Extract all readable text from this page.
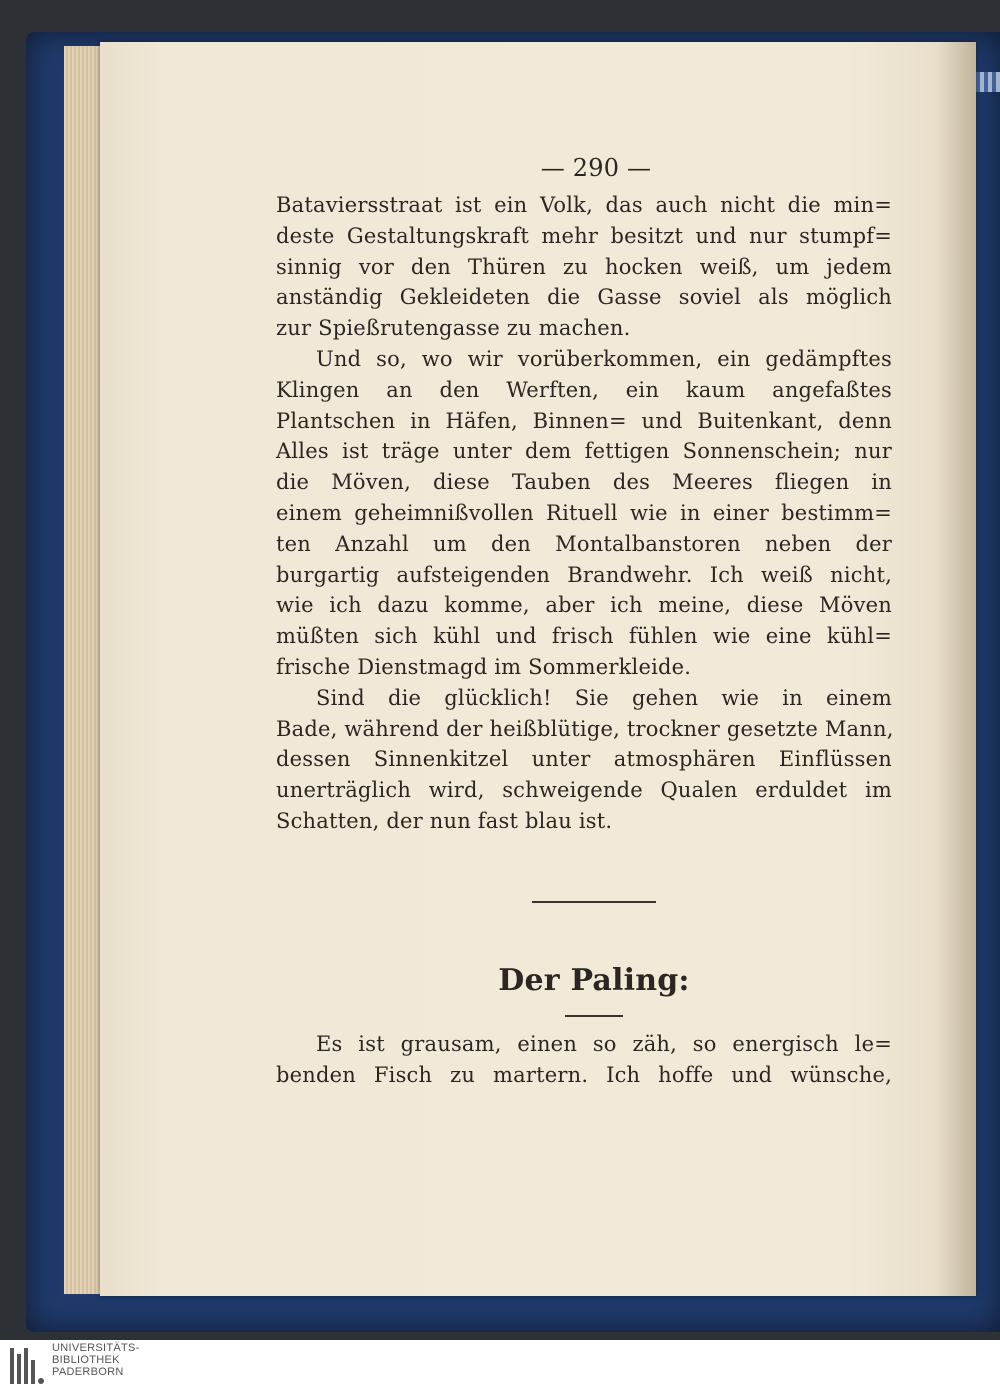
— 290 —
Bataviersstraat ist ein Volk, das auch nicht die min=
deste Gestaltungskraft mehr besitzt und nur stumpf=
sinnig vor den Thüren zu hocken weiß, um jedem
anständig Gekleideten die Gasse soviel als möglich
zur Spießrutengasse zu machen.
Und so, wo wir vorüberkommen, ein gedämpftes
Klingen an den Werften, ein kaum angefaßtes
Plantschen in Häfen, Binnen= und Buitenkant, denn
Alles ist träge unter dem fettigen Sonnenschein; nur
die Möven, diese Tauben des Meeres fliegen in
einem geheimnißvollen Rituell wie in einer bestimm=
ten Anzahl um den Montalbanstoren neben der
burgartig aufsteigenden Brandwehr. Ich weiß nicht,
wie ich dazu komme, aber ich meine, diese Möven
müßten sich kühl und frisch fühlen wie eine kühl=
frische Dienstmagd im Sommerkleide.
Sind die glücklich! Sie gehen wie in einem
Bade, während der heißblütige, trockner gesetzte Mann,
dessen Sinnenkitzel unter atmosphären Einflüssen
unerträglich wird, schweigende Qualen erduldet im
Schatten, der nun fast blau ist.
Der Paling:
Es ist grausam, einen so zäh, so energisch le=
benden Fisch zu martern. Ich hoffe und wünsche,
UNIVERSITÄTS-
BIBLIOTHEK
PADERBORN
